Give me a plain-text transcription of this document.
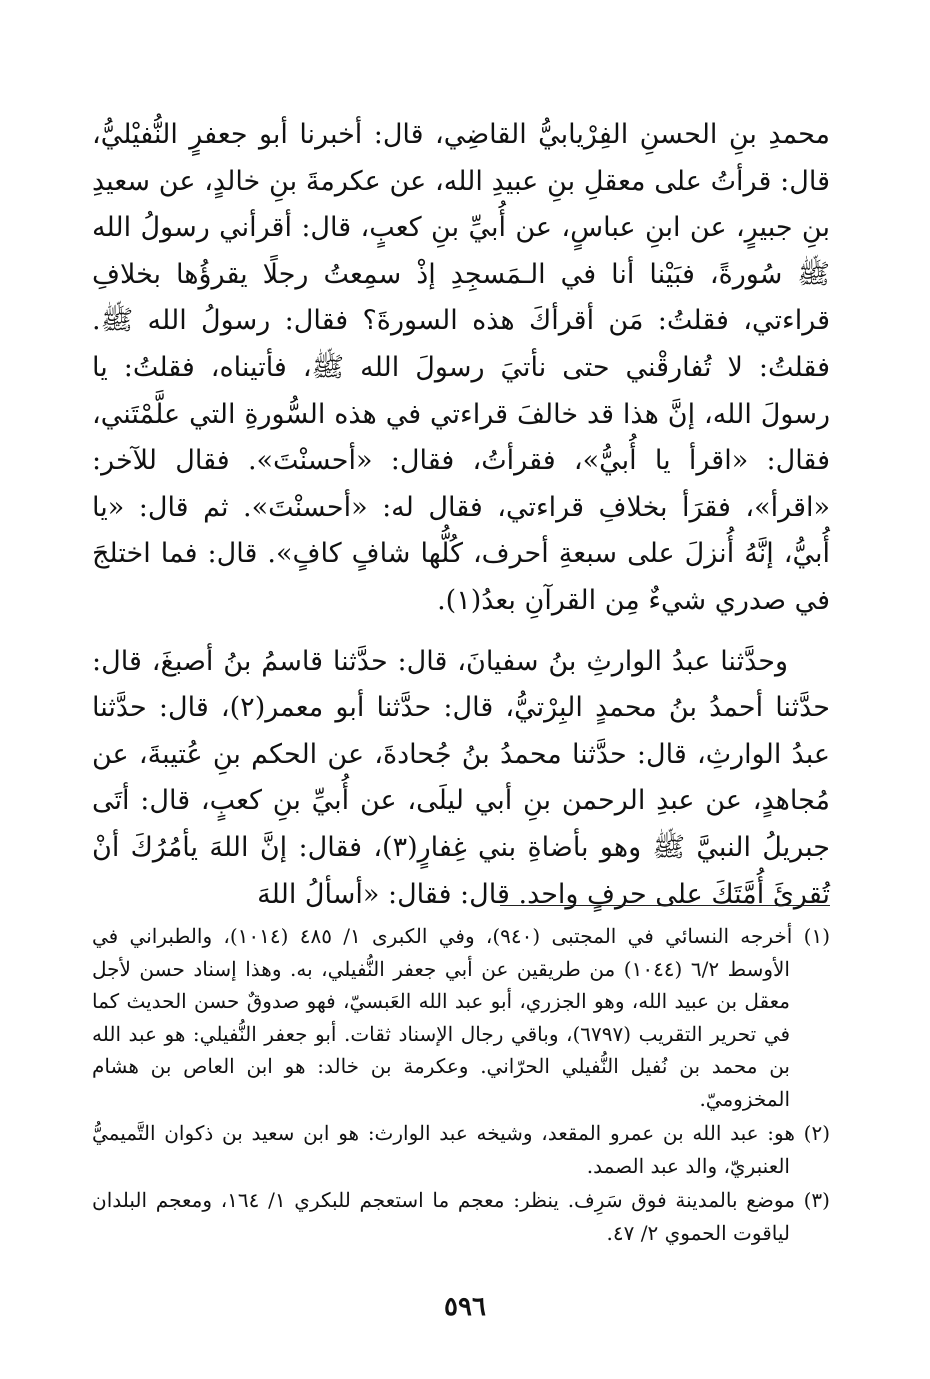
محمدِ بنِ الحسنِ الفِرْيابيُّ القاضِي، قال: أخبرنا أبو جعفرٍ النُّفيْليُّ، قال: قرأتُ على معقلِ بنِ عبيدِ الله، عن عكرمةَ بنِ خالدٍ، عن سعيدِ بنِ جبيرٍ، عن ابنِ عباسٍ، عن أُبيِّ بنِ كعبٍ، قال: أقرأني رسولُ الله ﷺ سُورةً، فبَيْنا أنا في الـمَسجِدِ إذْ سمِعتُ رجلًا يقرؤُها بخلافِ قراءتي، فقلتُ: مَن أقرأكَ هذه السورةَ؟ فقال: رسولُ الله ﷺ. فقلتُ: لا تُفارقْني حتى نأتيَ رسولَ الله ﷺ، فأتيناه، فقلتُ: يا رسولَ الله، إنَّ هذا قد خالفَ قراءتي في هذه السُّورةِ التي علَّمْتَني، فقال: «اقرأ يا أُبيُّ»، فقرأتُ، فقال: «أحسنْتَ». فقال للآخر: «اقرأ»، فقرَأ بخلافِ قراءتي، فقال له: «أحسنْتَ». ثم قال: «يا أُبيُّ، إنَّهُ أُنزلَ على سبعةِ أحرف، كُلُّها شافٍ كافٍ». قال: فما اختلجَ في صدري شيءٌ مِن القرآنِ بعدُ(١).

وحدَّثنا عبدُ الوارثِ بنُ سفيانَ، قال: حدَّثنا قاسمُ بنُ أصبغَ، قال: حدَّثنا أحمدُ بنُ محمدٍ البِرْتيُّ، قال: حدَّثنا أبو معمر(٢)، قال: حدَّثنا عبدُ الوارثِ، قال: حدَّثنا محمدُ بنُ جُحادةَ، عن الحكم بنِ عُتيبةَ، عن مُجاهدٍ، عن عبدِ الرحمن بنِ أبي ليلَى، عن أُبيِّ بنِ كعبٍ، قال: أتَى جبريلُ النبيَّ ﷺ وهو بأضاةِ بني غِفارٍ(٣)، فقال: إنَّ اللهَ يأمُرُكَ أنْ تُقرئَ أُمَّتَكَ على حرفٍ واحد. قال: فقال: «أسألُ اللهَ

(١) أخرجه النسائي في المجتبى (٩٤٠)، وفي الكبرى ١/ ٤٨٥ (١٠١٤)، والطبراني في الأوسط ٦/٢ (١٠٤٤) من طريقين عن أبي جعفر النُّفيلي، به. وهذا إسناد حسن لأجل معقل بن عبيد الله، وهو الجزري، أبو عبد الله العَبسيّ، فهو صدوقٌ حسن الحديث كما في تحرير التقريب (٦٧٩٧)، وباقي رجال الإسناد ثقات. أبو جعفر النُّفيلي: هو عبد الله بن محمد بن نُفيل النُّفيلي الحرّاني. وعكرمة بن خالد: هو ابن العاص بن هشام المخزوميّ.

(٢) هو: عبد الله بن عمرو المقعد، وشيخه عبد الوارث: هو ابن سعيد بن ذكوان التَّميميُّ العنبريّ، والد عبد الصمد.

(٣) موضع بالمدينة فوق سَرِف. ينظر: معجم ما استعجم للبكري ١/ ١٦٤، ومعجم البلدان لياقوت الحموي ٢/ ٤٧.

٥٩٦
